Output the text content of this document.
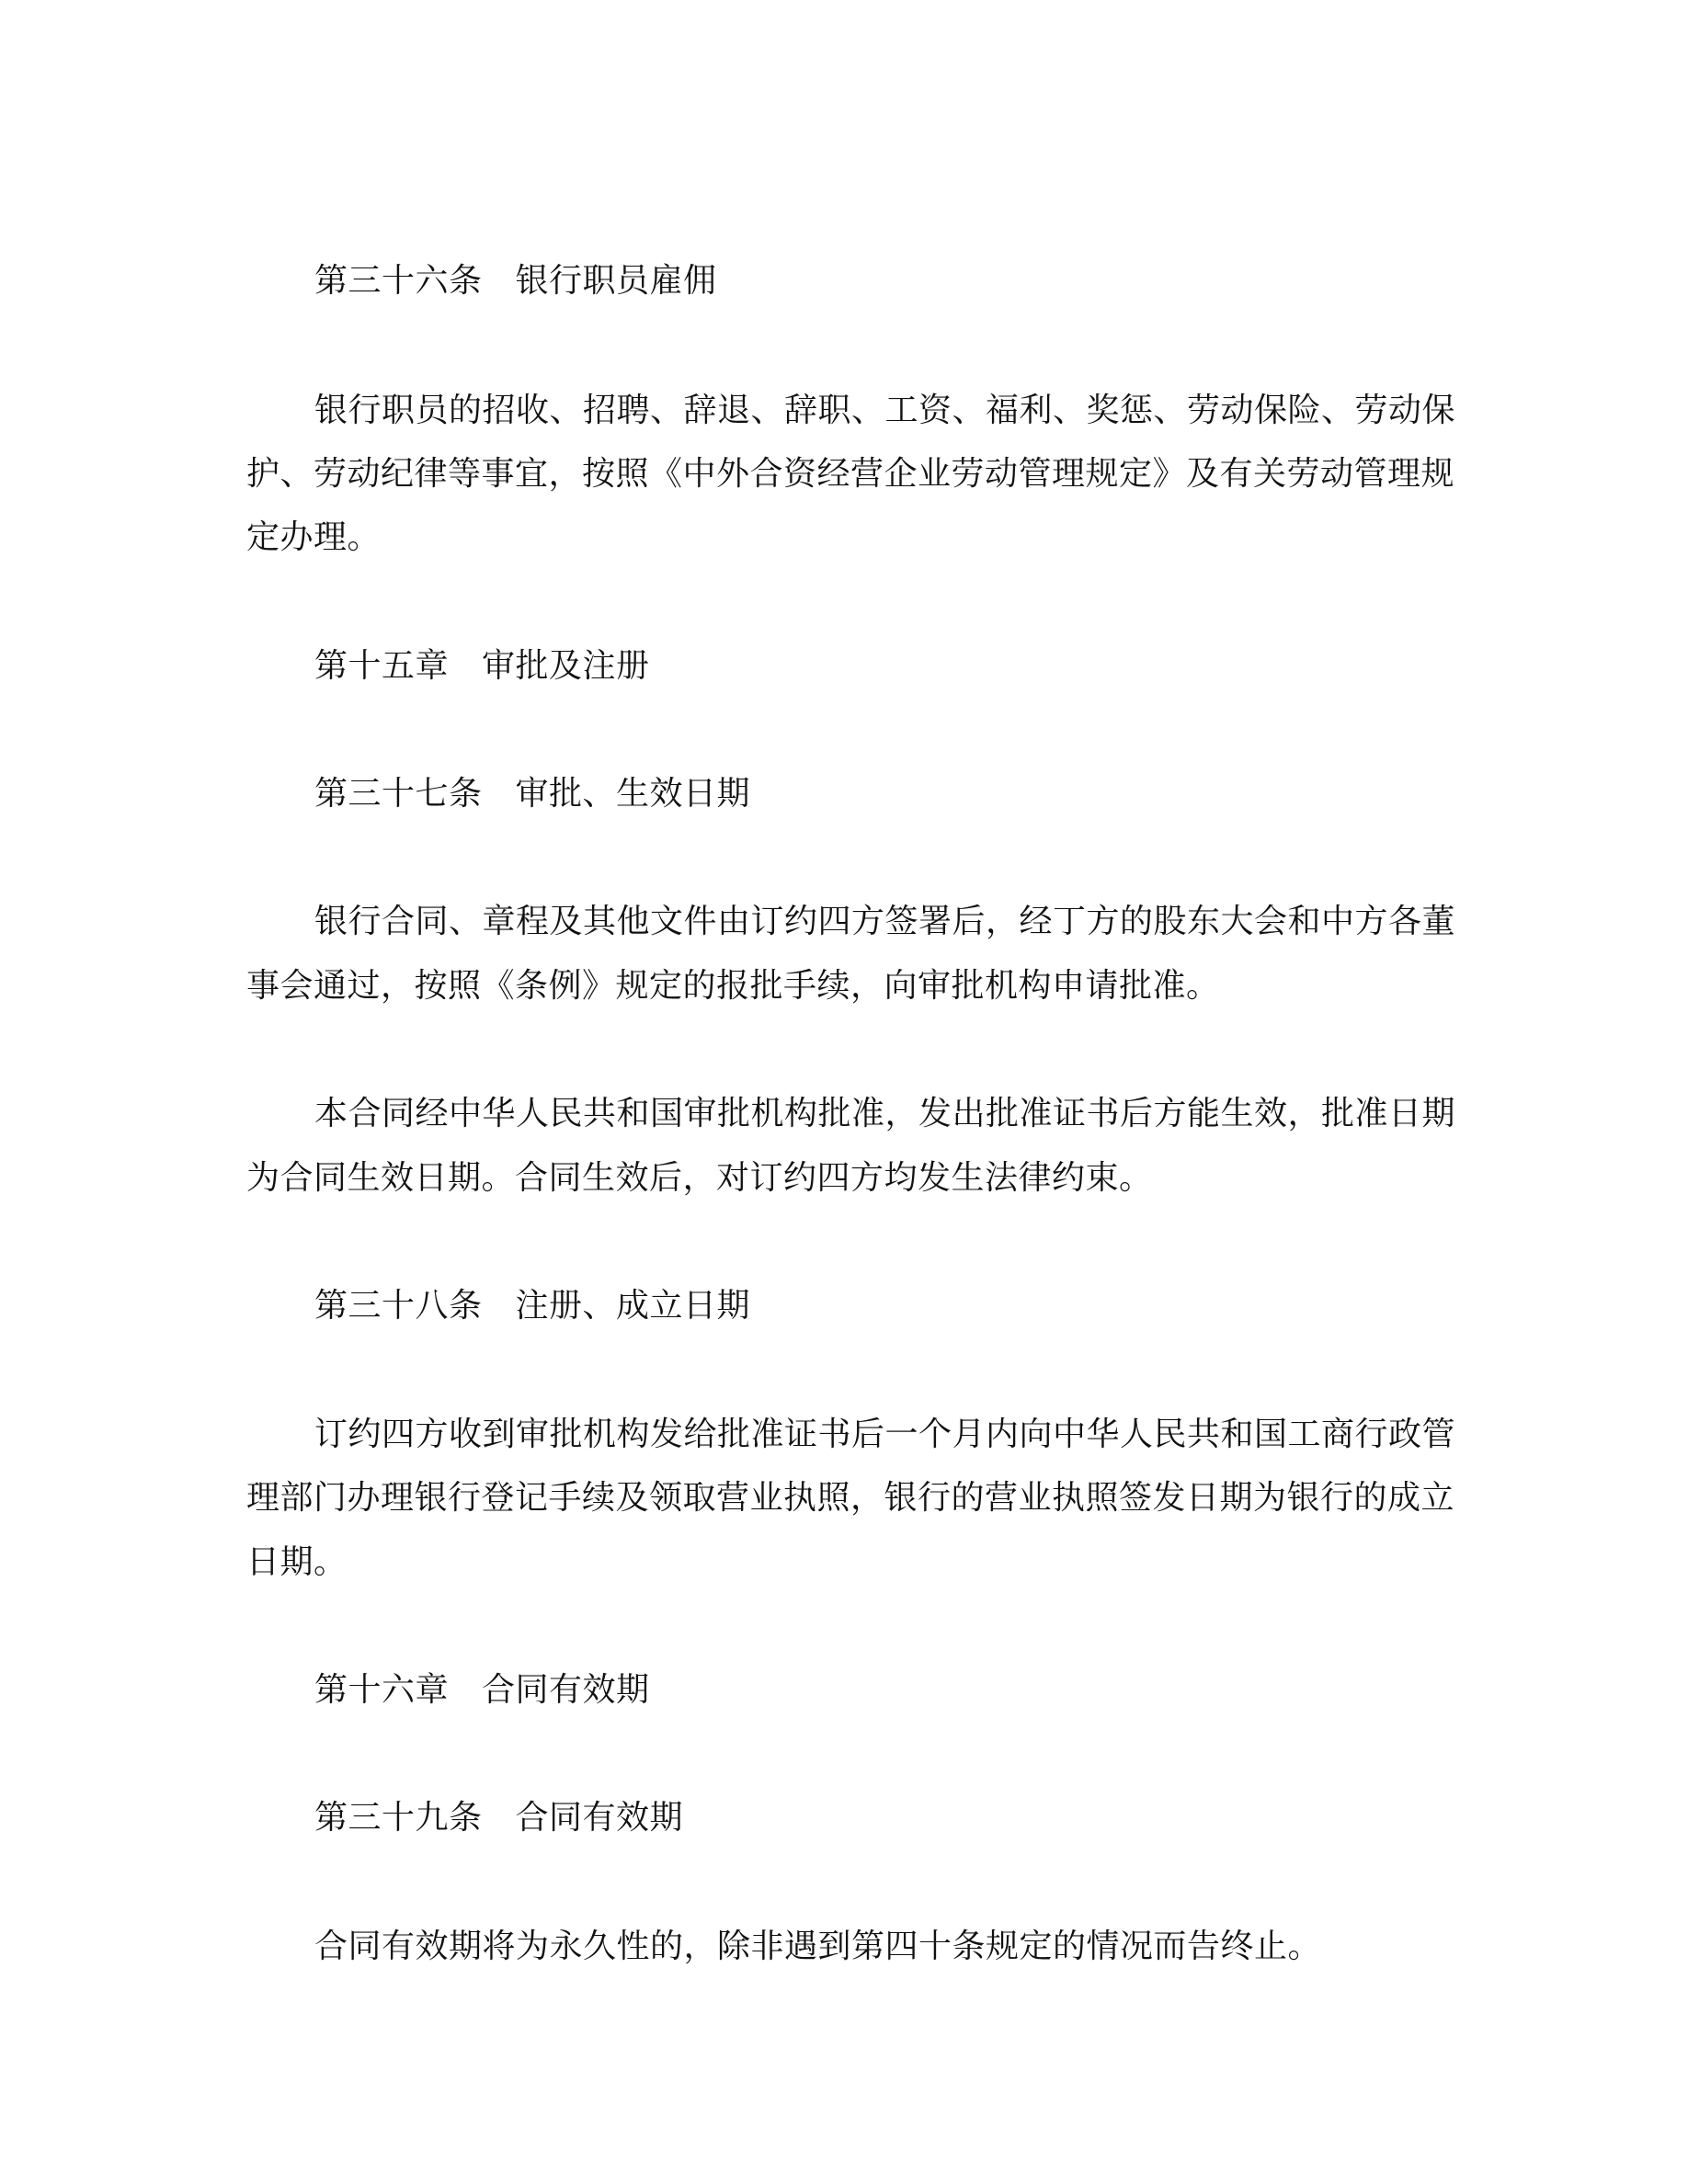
第三十六条 银行职员雇佣
银行职员的招收、招聘、辞退、辞职、工资、福利、奖惩、劳动保险、劳动保
护、劳动纪律等事宜，按照《中外合资经营企业劳动管理规定》及有关劳动管理规
定办理。
第十五章 审批及注册
第三十七条 审批、生效日期
银行合同、章程及其他文件由订约四方签署后，经丁方的股东大会和中方各董
事会通过，按照《条例》规定的报批手续，向审批机构申请批准。
本合同经中华人民共和国审批机构批准，发出批准证书后方能生效，批准日期
为合同生效日期。合同生效后，对订约四方均发生法律约束。
第三十八条 注册、成立日期
订约四方收到审批机构发给批准证书后一个月内向中华人民共和国工商行政管
理部门办理银行登记手续及领取营业执照，银行的营业执照签发日期为银行的成立
日期。
第十六章 合同有效期
第三十九条 合同有效期
合同有效期将为永久性的，除非遇到第四十条规定的情况而告终止。
